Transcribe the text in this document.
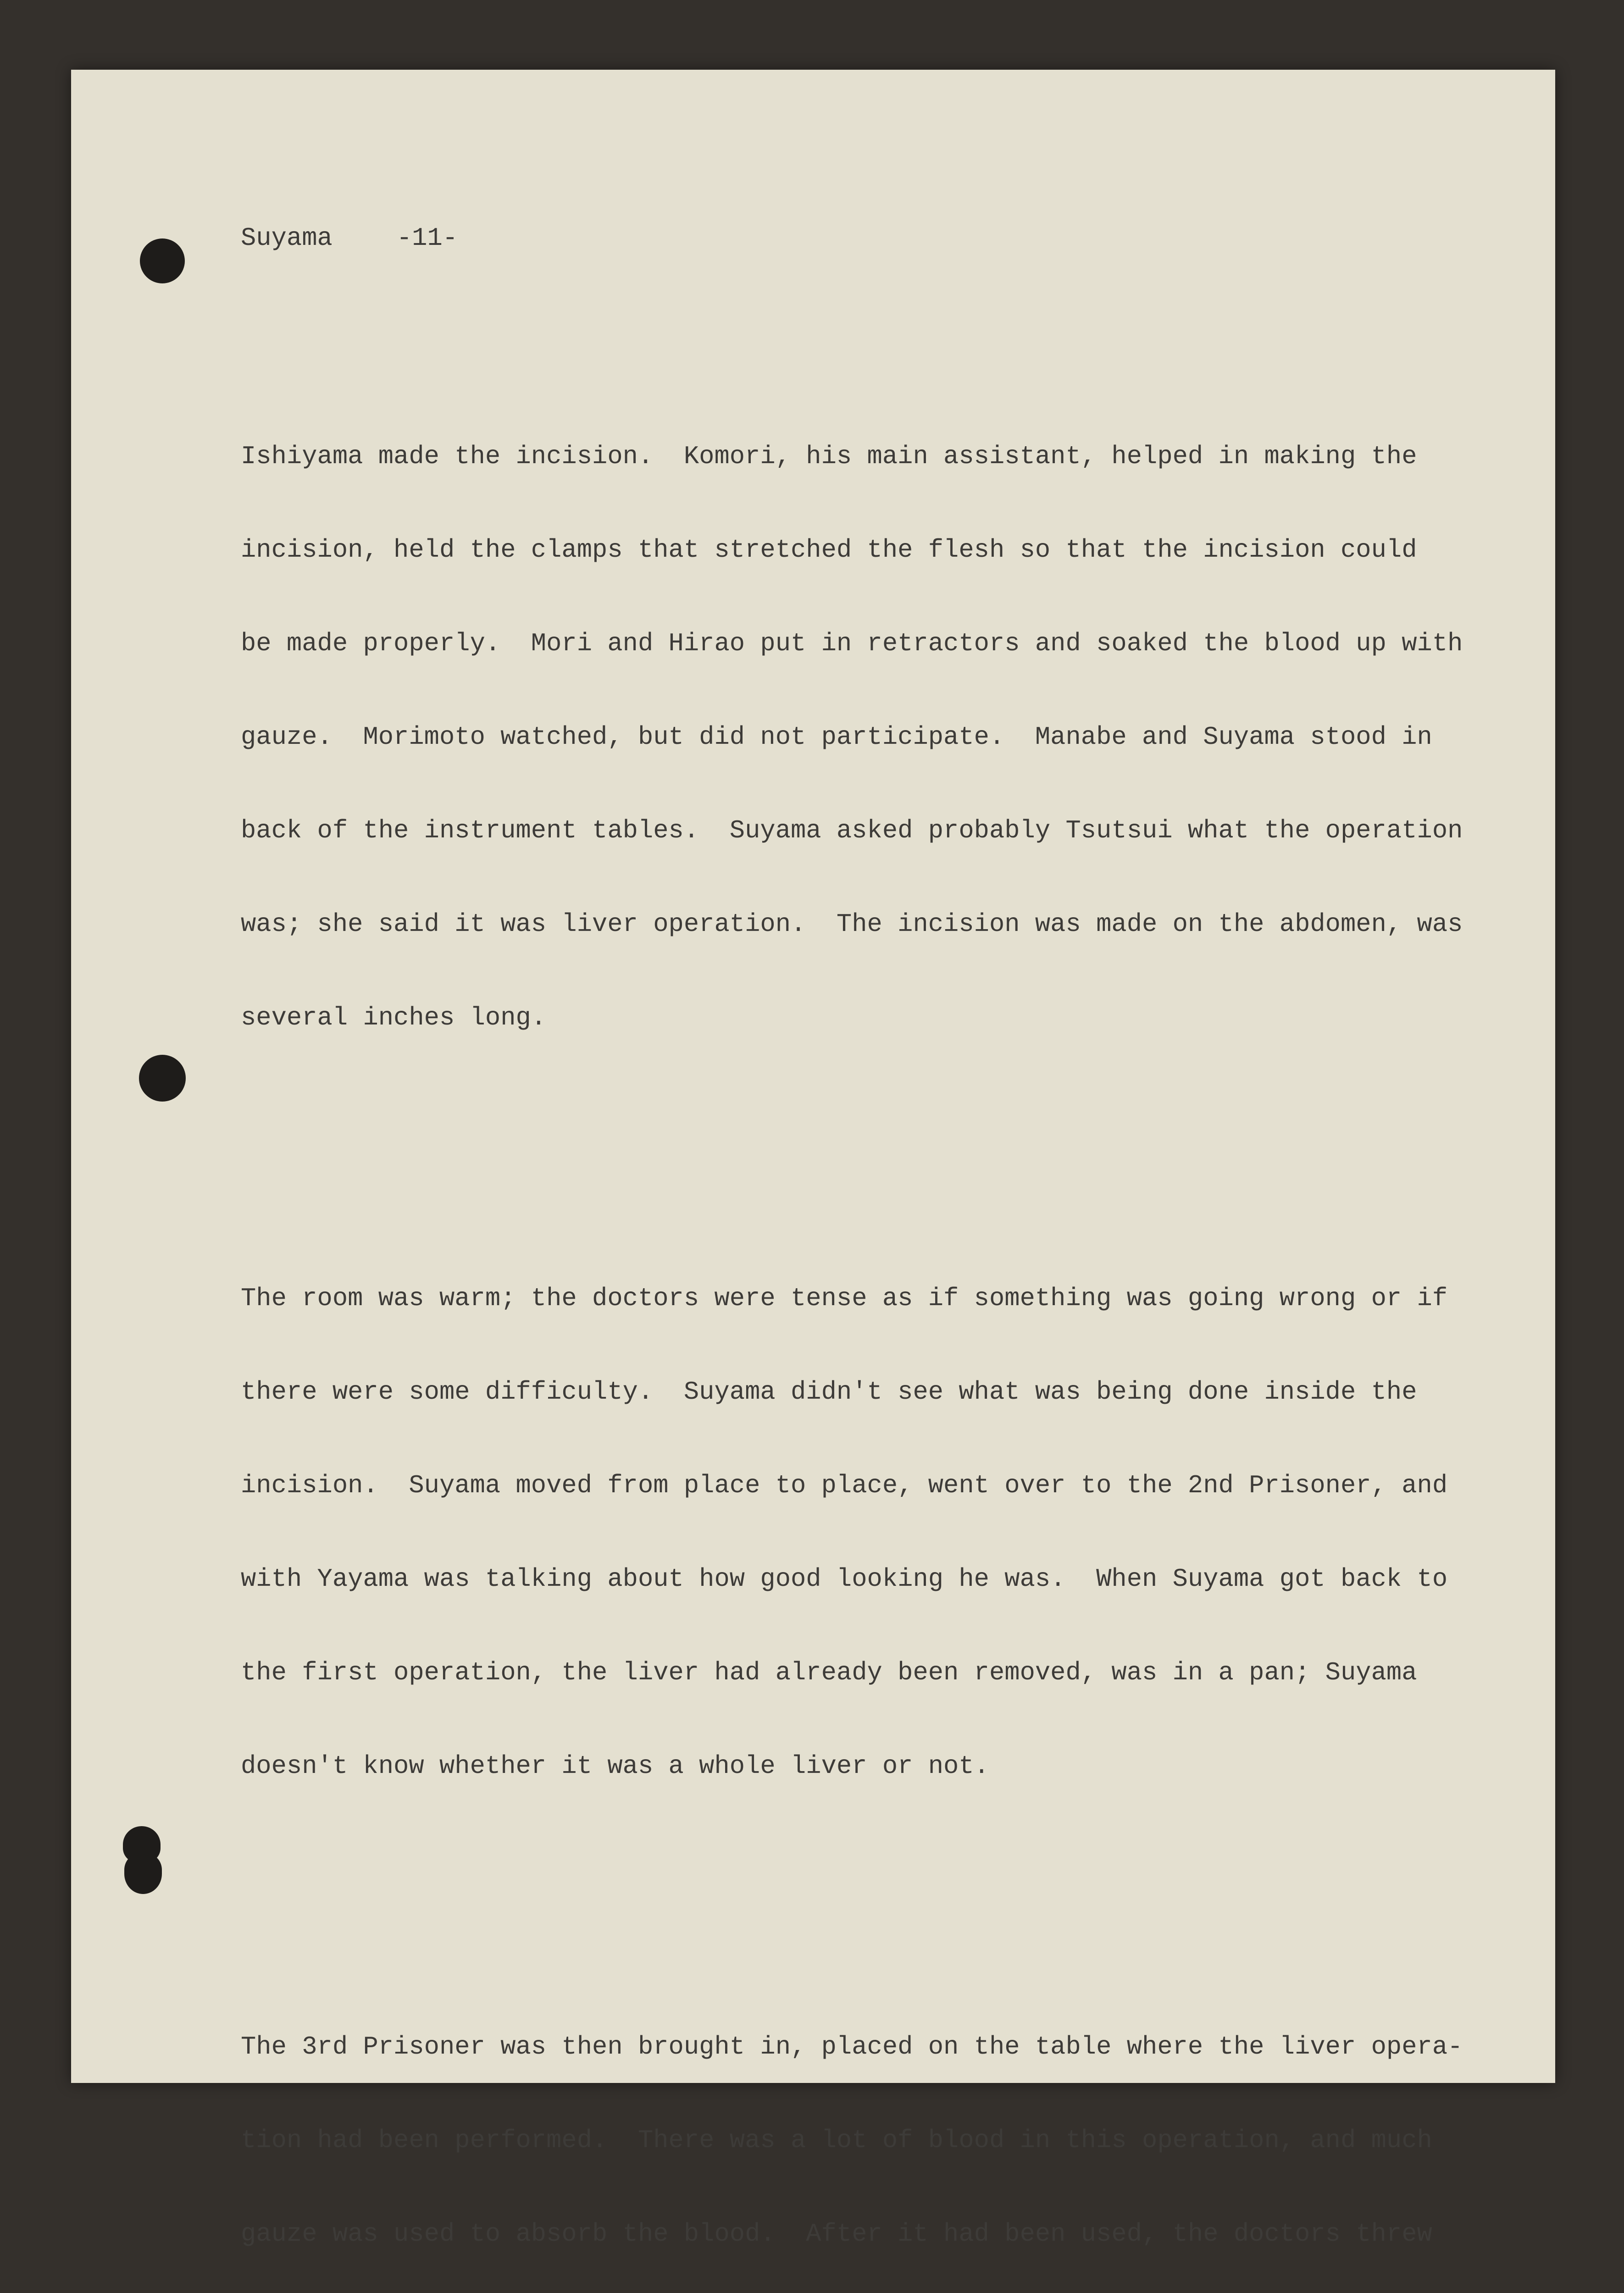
Suyama	-11-

Ishiyama made the incision.  Komori, his main assistant, helped in making the

incision, held the clamps that stretched the flesh so that the incision could

be made properly.  Mori and Hirao put in retractors and soaked the blood up with

gauze.  Morimoto watched, but did not participate.  Manabe and Suyama stood in

back of the instrument tables.  Suyama asked probably Tsutsui what the operation

was; she said it was liver operation.  The incision was made on the abdomen, was

several inches long.

The room was warm; the doctors were tense as if something was going wrong or if

there were some difficulty.  Suyama didn't see what was being done inside the

incision.  Suyama moved from place to place, went over to the 2nd Prisoner, and

with Yayama was talking about how good looking he was.  When Suyama got back to

the first operation, the liver had already been removed, was in a pan; Suyama

doesn't know whether it was a whole liver or not.

The 3rd Prisoner was then brought in, placed on the table where the liver opera-

tion had been performed.  There was a lot of blood in this operation, and much

gauze was used to absorb the blood.  After it had been used, the doctors threw
